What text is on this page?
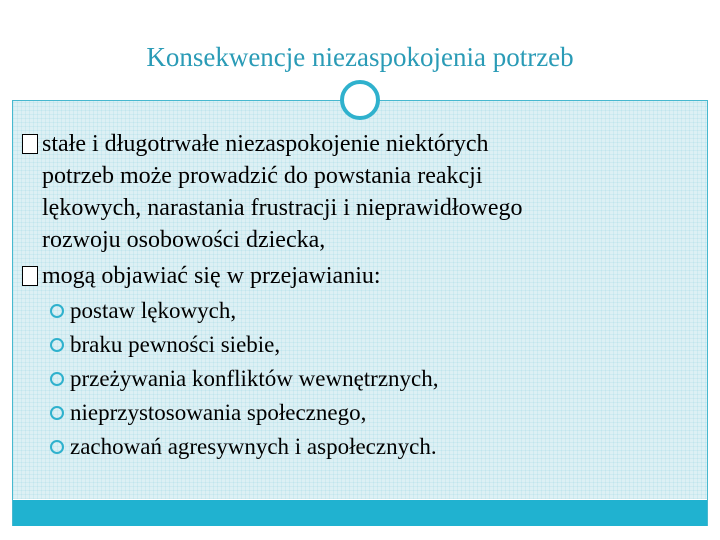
Konsekwencje niezaspokojenia potrzeb
stałe i długotrwałe niezaspokojenie niektórych
potrzeb może prowadzić do powstania reakcji
lękowych, narastania frustracji i nieprawidłowego
rozwoju osobowości dziecka,
mogą objawiać się w przejawianiu:
postaw lękowych,
braku pewności siebie,
przeżywania konfliktów wewnętrznych,
nieprzystosowania społecznego,
zachowań agresywnych i aspołecznych.
